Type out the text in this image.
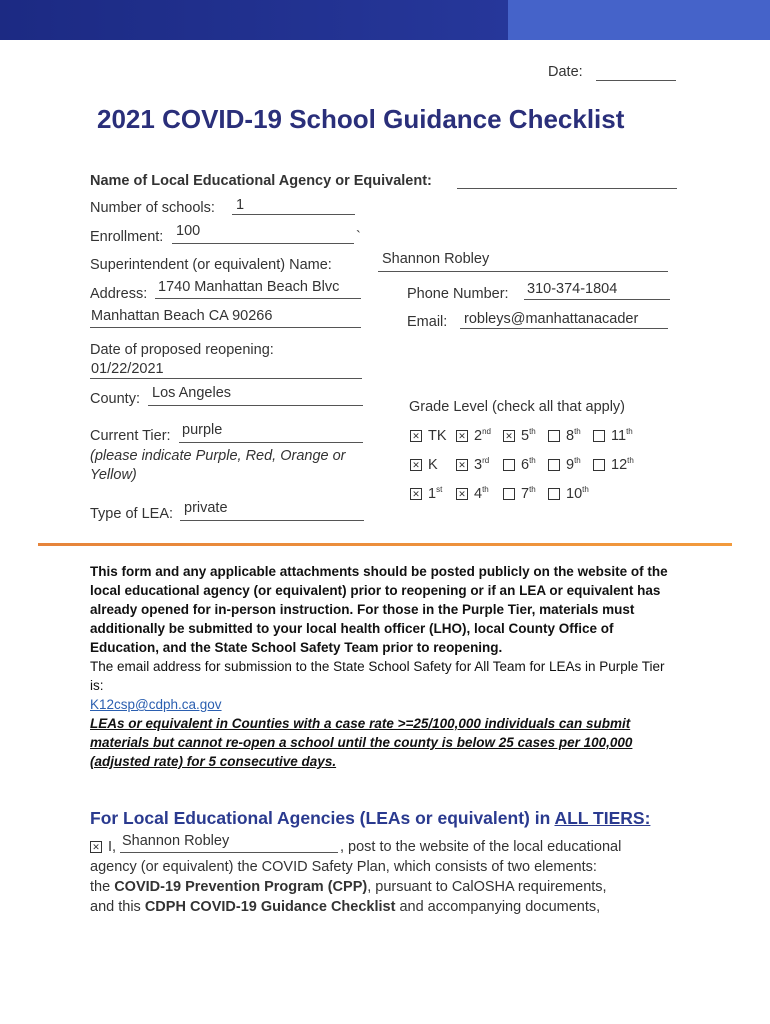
Date:
2021 COVID-19 School Guidance Checklist
Name of Local Educational Agency or Equivalent:
Number of schools: 1
Enrollment: 100	`
Superintendent (or equivalent) Name:	Shannon Robley
Address: 1740 Manhattan Beach Blvc
Manhattan Beach CA 90266
Phone Number: 310-374-1804
Email: robleys@manhattanacader
Date of proposed reopening:
01/22/2021
County: Los Angeles
Grade Level (check all that apply)
Current Tier: purple
(please indicate Purple, Red, Orange or
Yellow)
Type of LEA: private
✕ TK ✕ 2nd ✕ 5th	8th	11th
✕ K ✕ 3rd	6th	9th	12th
✕ 1st ✕ 4th	7th	10th
This form and any applicable attachments should be posted publicly on the website of the local educational agency (or equivalent) prior to reopening or if an LEA or equivalent has already opened for in-person instruction. For those in the Purple Tier, materials must additionally be submitted to your local health officer (LHO), local County Office of Education, and the State School Safety Team prior to reopening.
The email address for submission to the State School Safety for All Team for LEAs in Purple Tier is:
K12csp@cdph.ca.gov
LEAs or equivalent in Counties with a case rate >=25/100,000 individuals can submit materials but cannot re-open a school until the county is below 25 cases per 100,000 (adjusted rate) for 5 consecutive days.
For Local Educational Agencies (LEAs or equivalent) in ALL TIERS:
✕ I, Shannon Robley	, post to the website of the local educational
agency (or equivalent) the COVID Safety Plan, which consists of two elements:
the COVID-19 Prevention Program (CPP), pursuant to CalOSHA requirements,
and this CDPH COVID-19 Guidance Checklist and accompanying documents,
